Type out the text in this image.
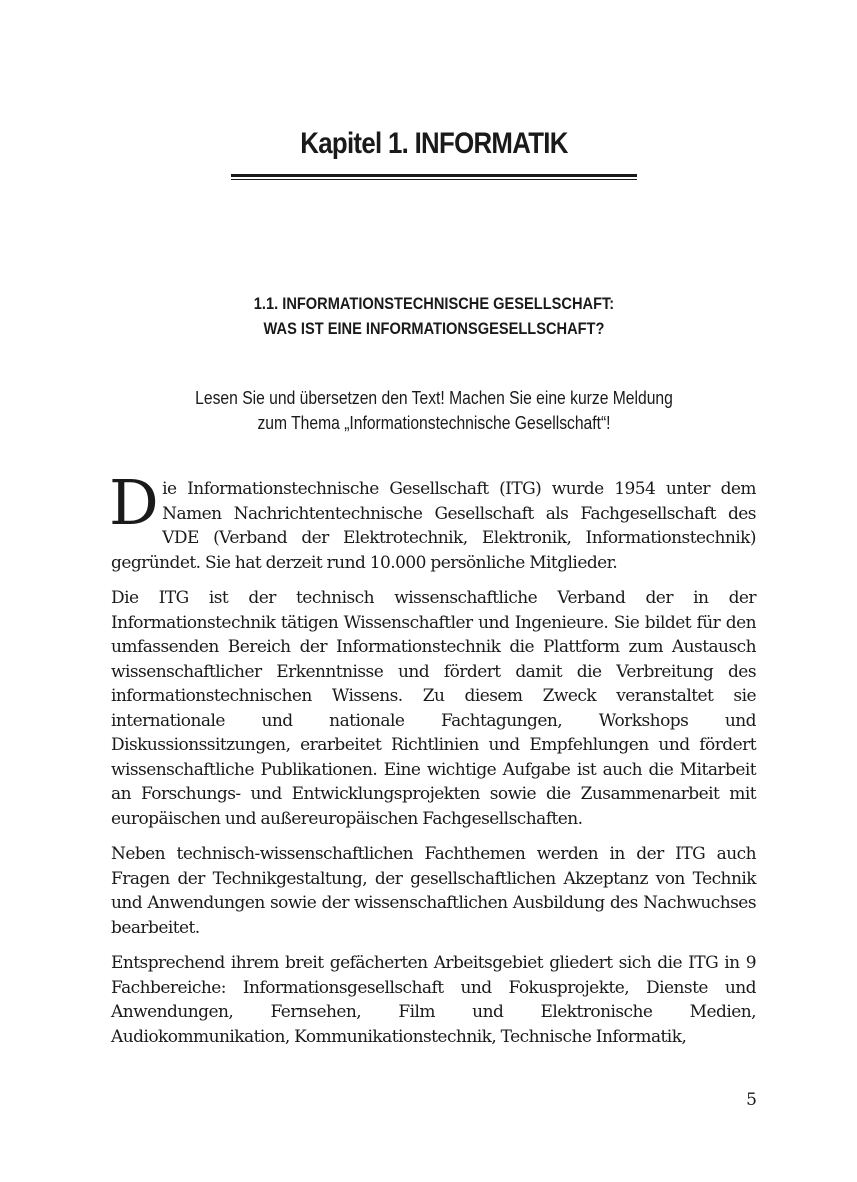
Kapitel 1. INFORMATIK
1.1. INFORMATIONSTECHNISCHE GESELLSCHAFT:
WAS IST EINE INFORMATIONSGESELLSCHAFT?
Lesen Sie und übersetzen den Text! Machen Sie eine kurze Meldung
zum Thema „Informationstechnische Gesellschaft“!

Die Informationstechnische Gesellschaft (ITG) wurde 1954 unter dem Namen Nachrichtentechnische Gesellschaft als Fachgesellschaft des VDE (Verband der Elektrotechnik, Elektronik, Informationstechnik) gegründet. Sie hat derzeit rund 10.000 persönliche Mitglieder.

Die ITG ist der technisch wissenschaftliche Verband der in der Informationstechnik tätigen Wissenschaftler und Ingenieure. Sie bildet für den umfassenden Bereich der Informationstechnik die Plattform zum Austausch wissenschaftlicher Erkenntnisse und fördert damit die Verbreitung des informationstechnischen Wissens. Zu diesem Zweck veranstaltet sie internationale und nationale Fachtagungen, Workshops und Diskussionssitzungen, erarbeitet Richtlinien und Empfehlungen und fördert wissenschaftliche Publikationen. Eine wichtige Aufgabe ist auch die Mitarbeit an Forschungs- und Entwicklungsprojekten sowie die Zusammenarbeit mit europäischen und außereuropäischen Fachgesellschaften.

Neben technisch-wissenschaftlichen Fachthemen werden in der ITG auch Fragen der Technikgestaltung, der gesellschaftlichen Akzeptanz von Technik und Anwendungen sowie der wissenschaftlichen Ausbildung des Nachwuchses bearbeitet.

Entsprechend ihrem breit gefächerten Arbeitsgebiet gliedert sich die ITG in 9 Fachbereiche: Informationsgesellschaft und Fokusprojekte, Dienste und Anwendungen, Fernsehen, Film und Elektronische Medien, Audiokommunikation, Kommunikationstechnik, Technische Informatik,

5
